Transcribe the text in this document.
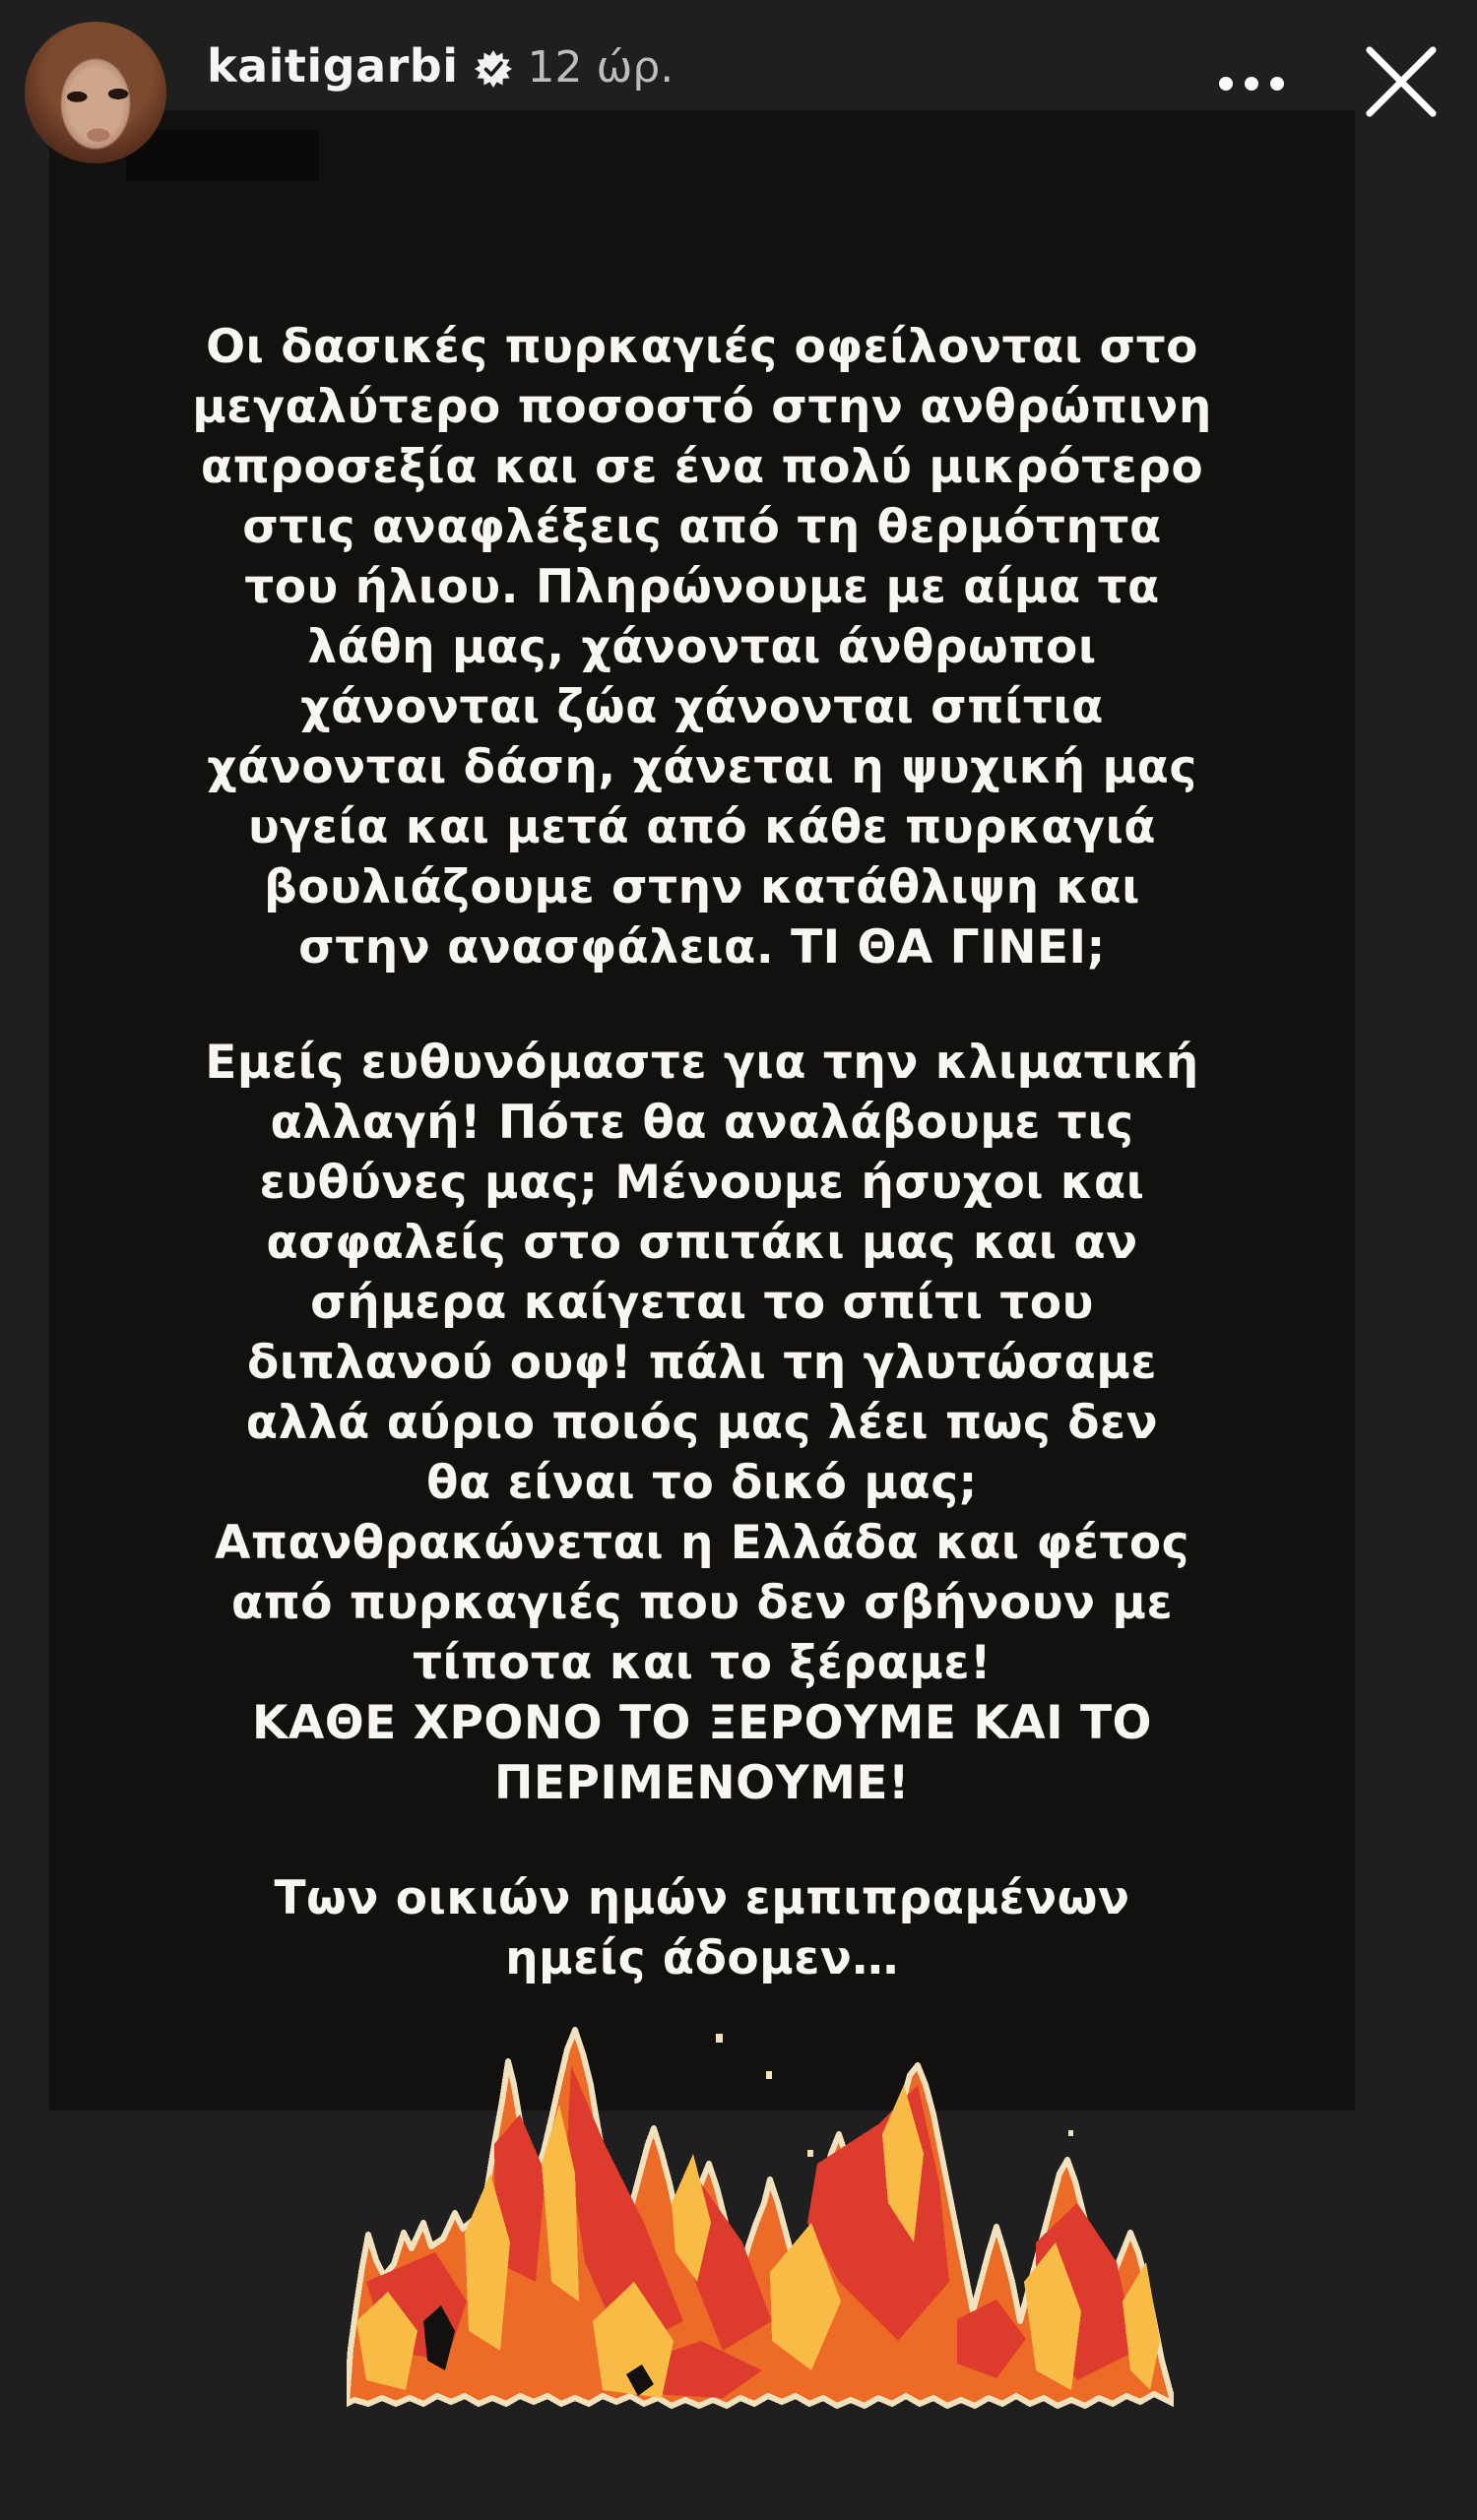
kaitigarbi 12 ώρ.
Οι δασικές πυρκαγιές οφείλονται στο
μεγαλύτερο ποσοστό στην ανθρώπινη
απροσεξία και σε ένα πολύ μικρότερο
στις αναφλέξεις από τη θερμότητα
του ήλιου. Πληρώνουμε με αίμα τα
λάθη μας, χάνονται άνθρωποι
χάνονται ζώα χάνονται σπίτια
χάνονται δάση, χάνεται η ψυχική μας
υγεία και μετά από κάθε πυρκαγιά
βουλιάζουμε στην κατάθλιψη και
στην ανασφάλεια. ΤΙ ΘΑ ΓΙΝΕΙ;
Εμείς ευθυνόμαστε για την κλιματική
αλλαγή! Πότε θα αναλάβουμε τις
ευθύνες μας; Μένουμε ήσυχοι και
ασφαλείς στο σπιτάκι μας και αν
σήμερα καίγεται το σπίτι του
διπλανού ουφ! πάλι τη γλυτώσαμε
αλλά αύριο ποιός μας λέει πως δεν
θα είναι το δικό μας;
Απανθρακώνεται η Ελλάδα και φέτος
από πυρκαγιές που δεν σβήνουν με
τίποτα και το ξέραμε!
ΚΑΘΕ ΧΡΟΝΟ ΤΟ ΞΕΡΟΥΜΕ ΚΑΙ ΤΟ
ΠΕΡΙΜΕΝΟΥΜΕ!
Των οικιών ημών εμπιπραμένων
ημείς άδομεν…
